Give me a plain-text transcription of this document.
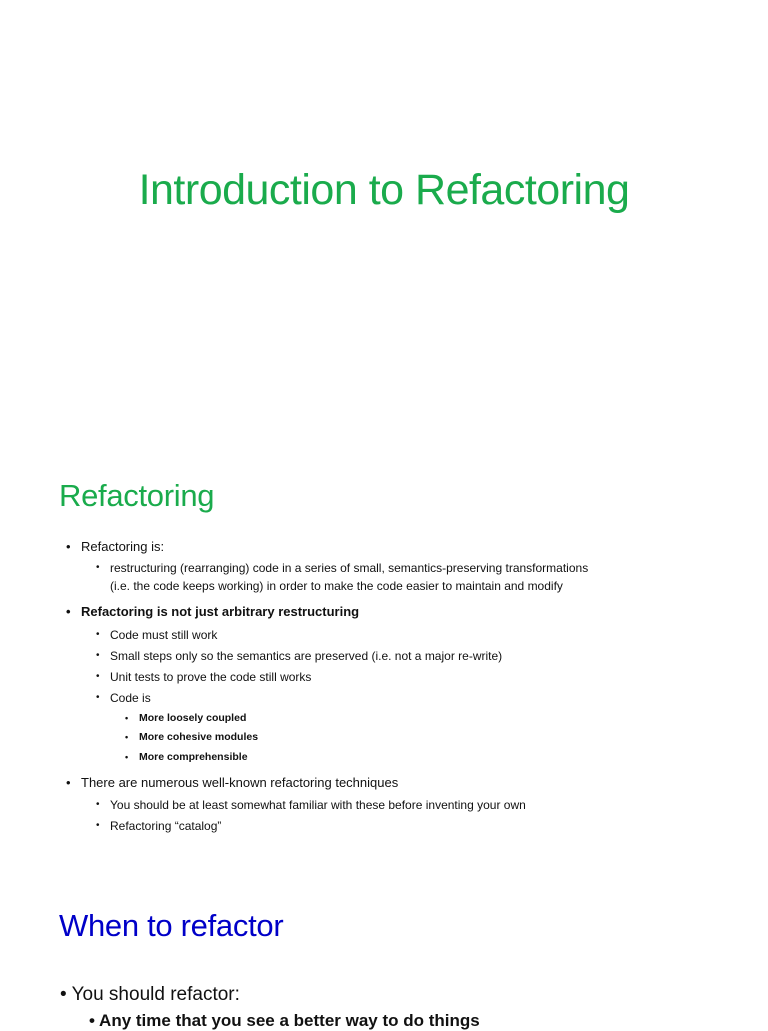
Introduction to Refactoring
Refactoring
• Refactoring is:
• restructuring (rearranging) code in a series of small, semantics-preserving transformations
(i.e. the code keeps working) in order to make the code easier to maintain and modify
• Refactoring is not just arbitrary restructuring
• Code must still work
• Small steps only so the semantics are preserved (i.e. not a major re-write)
• Unit tests to prove the code still works
• Code is
• More loosely coupled
• More cohesive modules
• More comprehensible
• There are numerous well-known refactoring techniques
• You should be at least somewhat familiar with these before inventing your own
• Refactoring “catalog”
When to refactor
• You should refactor:
• Any time that you see a better way to do things
